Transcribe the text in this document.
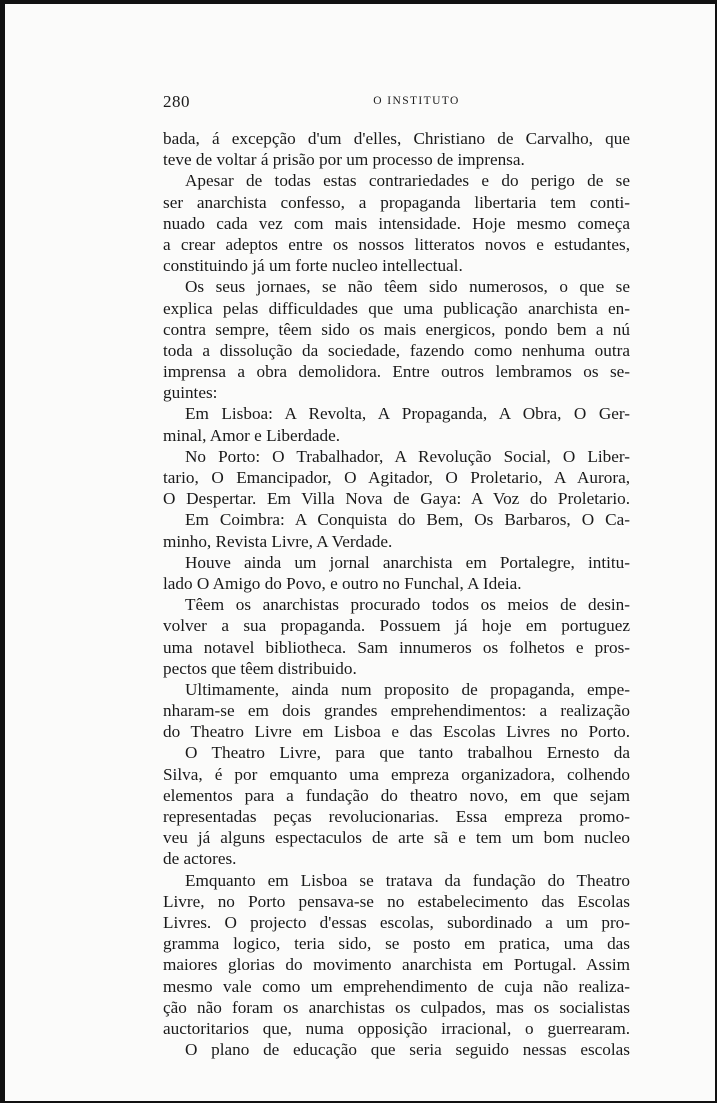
280	O INSTITUTO
bada, á excepção d'um d'elles, Christiano de Carvalho, que
teve de voltar á prisão por um processo de imprensa.
Apesar de todas estas contrariedades e do perigo de se
ser anarchista confesso, a propaganda libertaria tem conti-
nuado cada vez com mais intensidade. Hoje mesmo começa
a crear adeptos entre os nossos litteratos novos e estudantes,
constituindo já um forte nucleo intellectual.
Os seus jornaes, se não têem sido numerosos, o que se
explica pelas difficuldades que uma publicação anarchista en-
contra sempre, têem sido os mais energicos, pondo bem a nú
toda a dissolução da sociedade, fazendo como nenhuma outra
imprensa a obra demolidora. Entre outros lembramos os se-
guintes:
Em Lisboa: A Revolta, A Propaganda, A Obra, O Ger-
minal, Amor e Liberdade.
No Porto: O Trabalhador, A Revolução Social, O Liber-
tario, O Emancipador, O Agitador, O Proletario, A Aurora,
O Despertar. Em Villa Nova de Gaya: A Voz do Proletario.
Em Coimbra: A Conquista do Bem, Os Barbaros, O Ca-
minho, Revista Livre, A Verdade.
Houve ainda um jornal anarchista em Portalegre, intitu-
lado O Amigo do Povo, e outro no Funchal, A Ideia.
Têem os anarchistas procurado todos os meios de desin-
volver a sua propaganda. Possuem já hoje em portuguez
uma notavel bibliotheca. Sam innumeros os folhetos e pros-
pectos que têem distribuido.
Ultimamente, ainda num proposito de propaganda, empe-
nharam-se em dois grandes emprehendimentos: a realização
do Theatro Livre em Lisboa e das Escolas Livres no Porto.
O Theatro Livre, para que tanto trabalhou Ernesto da
Silva, é por emquanto uma empreza organizadora, colhendo
elementos para a fundação do theatro novo, em que sejam
representadas peças revolucionarias. Essa empreza promo-
veu já alguns espectaculos de arte sã e tem um bom nucleo
de actores.
Emquanto em Lisboa se tratava da fundação do Theatro
Livre, no Porto pensava-se no estabelecimento das Escolas
Livres. O projecto d'essas escolas, subordinado a um pro-
gramma logico, teria sido, se posto em pratica, uma das
maiores glorias do movimento anarchista em Portugal. Assim
mesmo vale como um emprehendimento de cuja não realiza-
ção não foram os anarchistas os culpados, mas os socialistas
auctoritarios que, numa opposição irracional, o guerrearam.
O plano de educação que seria seguido nessas escolas
